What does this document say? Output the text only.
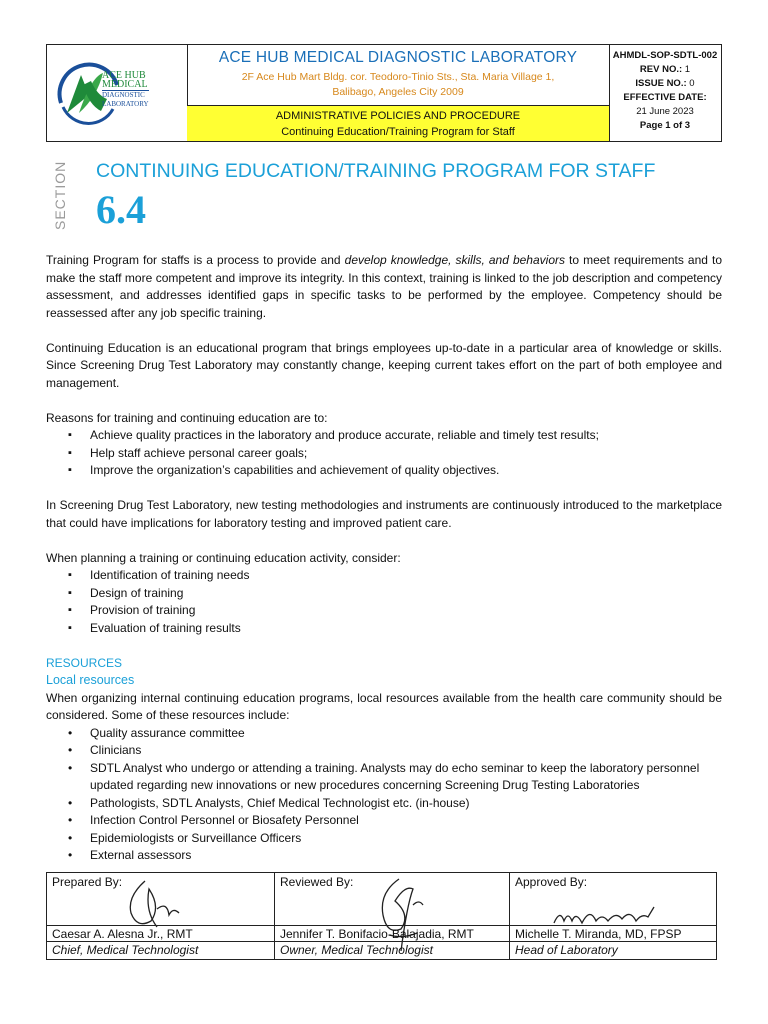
ACE HUB
MEDICAL
DIAGNOSTIC
LABORATORY
ACE HUB MEDICAL DIAGNOSTIC LABORATORY
2F Ace Hub Mart Bldg. cor. Teodoro-Tinio Sts., Sta. Maria Village 1,
Balibago, Angeles City 2009
ADMINISTRATIVE POLICIES AND PROCEDURE
Continuing Education/Training Program for Staff
AHMDL-SOP-SDTL-002
REV NO.: 1
ISSUE NO.: 0
EFFECTIVE DATE:
21 June 2023
Page 1 of 3
SECTION CONTINUING EDUCATION/TRAINING PROGRAM FOR STAFF
6.4

Training Program for staffs is a process to provide and develop knowledge, skills, and behaviors to meet requirements and to make the staff more competent and improve its integrity. In this context, training is linked to the job description and competency assessment, and addresses identified gaps in specific tasks to be performed by the employee. Competency should be reassessed after any job specific training.

Continuing Education is an educational program that brings employees up-to-date in a particular area of knowledge or skills. Since Screening Drug Test Laboratory may constantly change, keeping current takes effort on the part of both employee and management.

Reasons for training and continuing education are to:

▪ Achieve quality practices in the laboratory and produce accurate, reliable and timely test results;
▪ Help staff achieve personal career goals;
▪ Improve the organization’s capabilities and achievement of quality objectives.

In Screening Drug Test Laboratory, new testing methodologies and instruments are continuously introduced to the marketplace that could have implications for laboratory testing and improved patient care.

When planning a training or continuing education activity, consider:

▪ Identification of training needs
▪ Design of training
▪ Provision of training
▪ Evaluation of training results
RESOURCES
Local resources

When organizing internal continuing education programs, local resources available from the health care community should be considered. Some of these resources include:

• Quality assurance committee
• Clinicians
• SDTL Analyst who undergo or attending a training. Analysts may do echo seminar to keep the laboratory personnel updated regarding new innovations or new procedures concerning Screening Drug Testing Laboratories
• Pathologists, SDTL Analysts, Chief Medical Technologist etc. (in-house)
• Infection Control Personnel or Biosafety Personnel
• Epidemiologists or Surveillance Officers
• External assessors
Prepared By:
Caesar A. Alesna Jr., RMT
Chief, Medical Technologist
Reviewed By:
Jennifer T. Bonifacio-Balajadia, RMT
Owner, Medical Technologist
Approved By:
Michelle T. Miranda, MD, FPSP
Head of Laboratory
